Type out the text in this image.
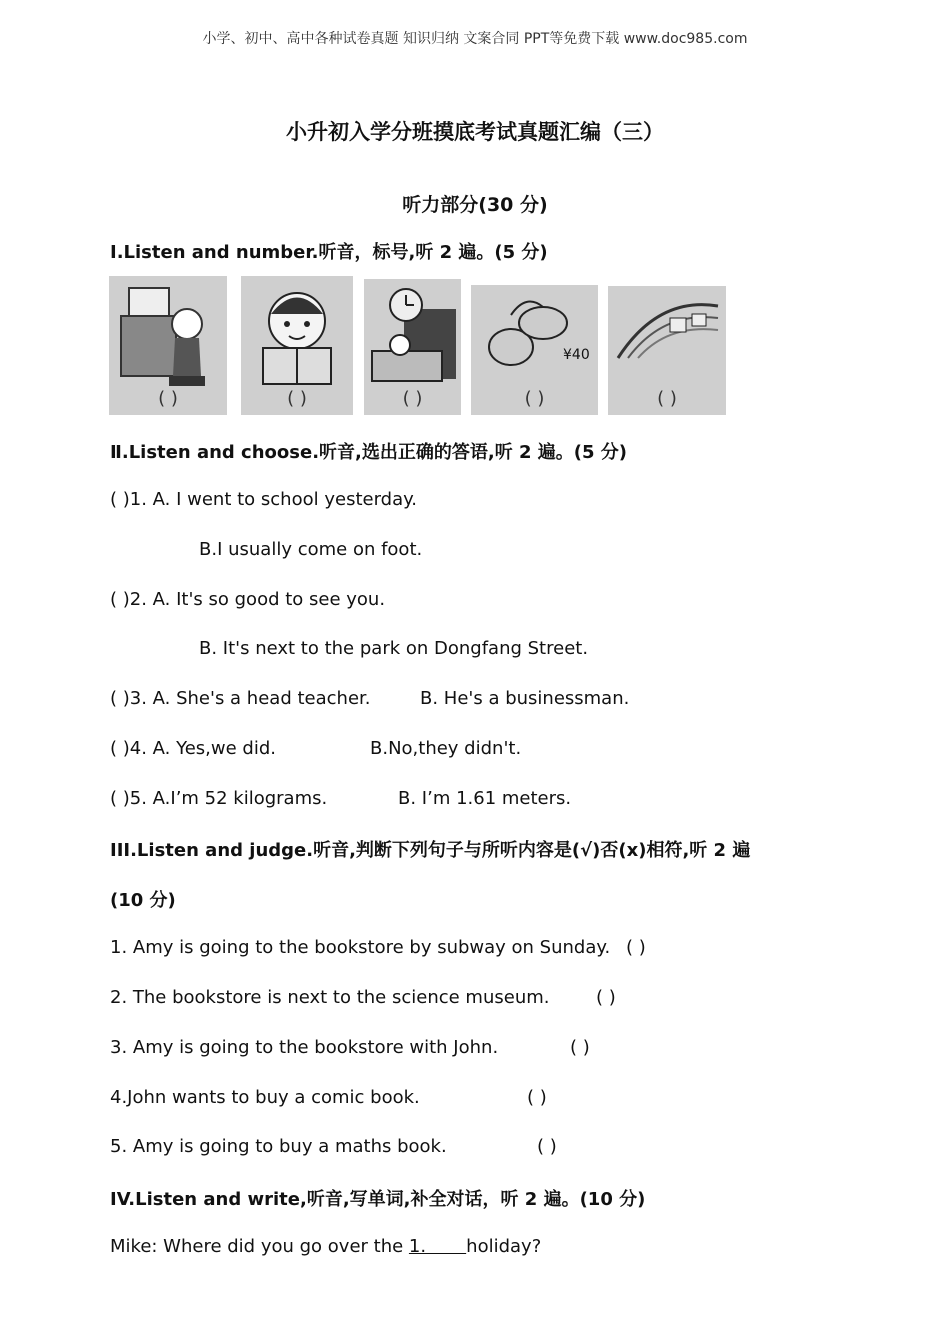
小学、初中、高中各种试卷真题 知识归纳 文案合同 PPT等免费下载 www.doc985.com
小升初入学分班摸底考试真题汇编（三）
听力部分(30 分)
I.Listen and number.听音，标号,听 2 遍。(5 分)
( )	( )	( )
¥40
( )	( )
Ⅱ.Listen and choose.听音,选出正确的答语,听 2 遍。(5 分)
( )1. A. I went to school yesterday.
B.I usually come on foot.
( )2. A. It's so good to see you.
B. It's next to the park on Dongfang Street.
( )3. A. She's a head teacher.	B. He's a businessman.
( )4. A. Yes,we did.	B.No,they didn't.
( )5. A.I’m 52 kilograms.	B. I’m 1.61 meters.
III.Listen and judge.听音,判断下列句子与所听内容是(√)否(x)相符,听 2 遍
(10 分)
1. Amy is going to the bookstore by subway on Sunday. ( )
2. The bookstore is next to the science museum.	( )
3. Amy is going to the bookstore with John.	( )
4.John wants to buy a comic book.	( )
5. Amy is going to buy a maths book.	( )
IV.Listen and write,听音,写单词,补全对话，听 2 遍。(10 分)
Mike: Where did you go over the 1.       holiday?
